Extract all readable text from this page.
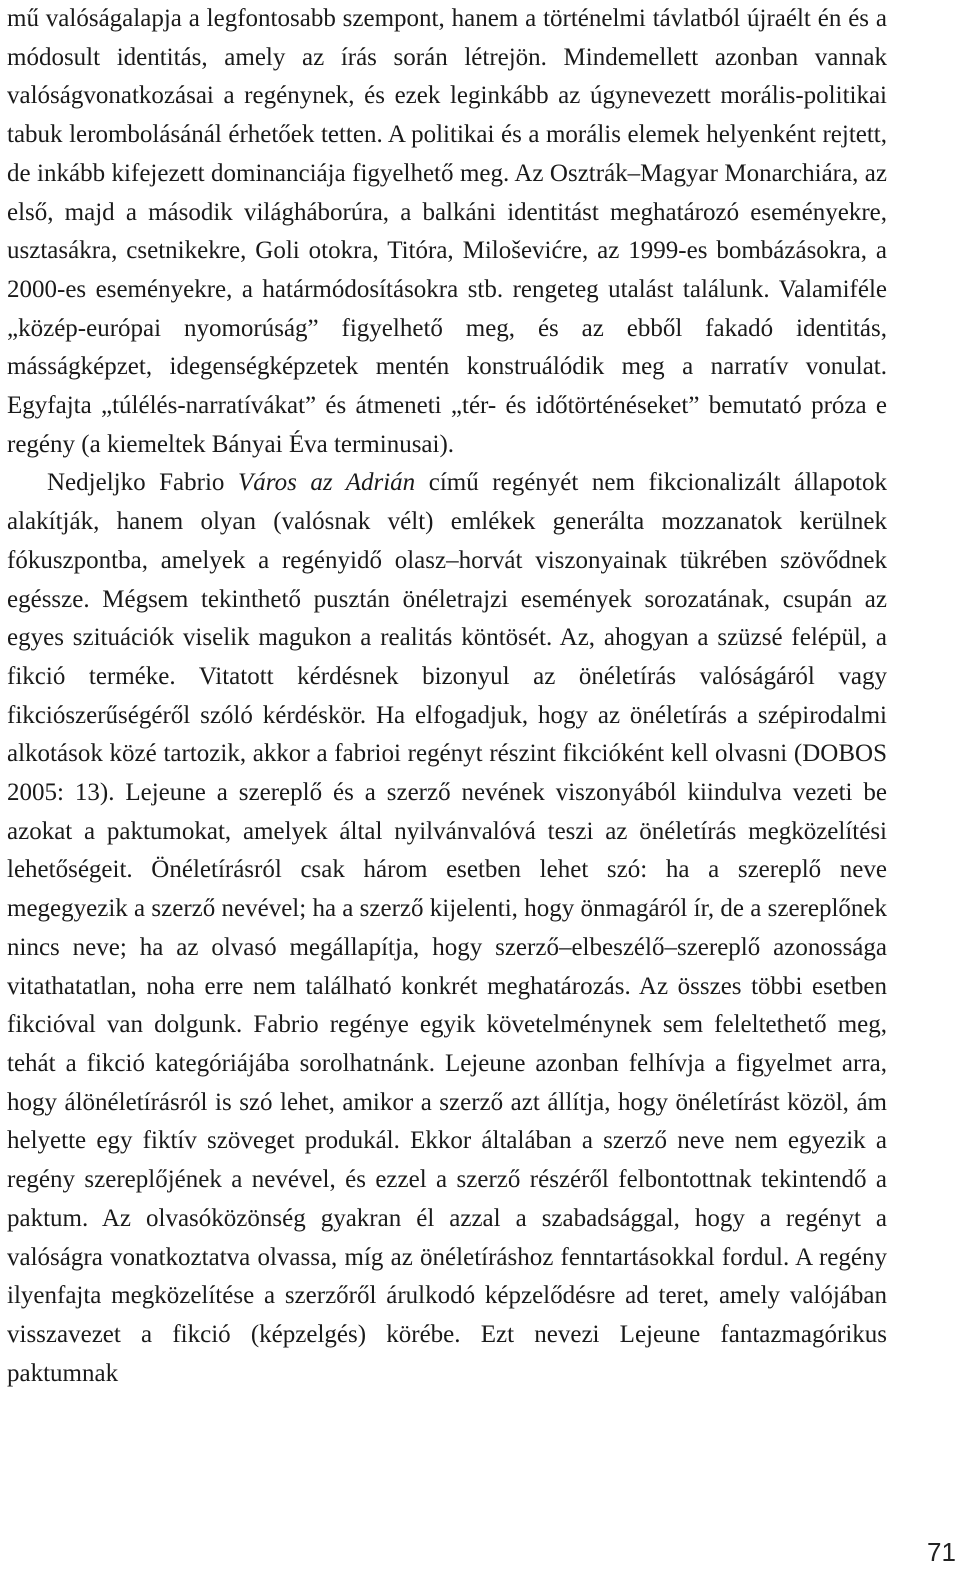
mű valóságalapja a legfontosabb szempont, hanem a történelmi távlatból újraélt én és a módosult identitás, amely az írás során létrejön. Mindemellett azonban vannak valóságvonatkozásai a regénynek, és ezek leginkább az úgynevezett morális-politikai tabuk lerombolásánál érhetőek tetten. A politikai és a morális elemek helyenként rejtett, de inkább kifejezett dominanciája figyelhető meg. Az Osztrák–Magyar Monarchiára, az első, majd a második világháborúra, a balkáni identitást meghatározó eseményekre, usztasákra, csetnikekre, Goli otokra, Titóra, Miloševićre, az 1999-es bombázásokra, a 2000-es eseményekre, a határmódosításokra stb. rengeteg utalást találunk. Valamiféle „közép-európai nyomorúság” figyelhető meg, és az ebből fakadó identitás, másságképzet, idegenségképzetek mentén konstruálódik meg a narratív vonulat. Egyfajta „túlélés-narratívákat” és átmeneti „tér- és időtörténéseket” bemutató próza e regény (a kiemeltek Bányai Éva terminusai).

Nedjeljko Fabrio Város az Adrián című regényét nem fikcionalizált állapotok alakítják, hanem olyan (valósnak vélt) emlékek generálta mozzanatok kerülnek fókuszpontba, amelyek a regényidő olasz–horvát viszonyainak tükrében szövődnek egéssze. Mégsem tekinthető pusztán önéletrajzi események sorozatának, csupán az egyes szituációk viselik magukon a realitás köntösét. Az, ahogyan a szüzsé felépül, a fikció terméke. Vitatott kérdésnek bizonyul az önéletírás valóságáról vagy fikciószerűségéről szóló kérdéskör. Ha elfogadjuk, hogy az önéletírás a szépirodalmi alkotások közé tartozik, akkor a fabrioi regényt részint fikcióként kell olvasni (DOBOS 2005: 13). Lejeune a szereplő és a szerző nevének viszonyából kiindulva vezeti be azokat a paktumokat, amelyek által nyilvánvalóvá teszi az önéletírás megközelítési lehetőségeit. Önéletírásról csak három esetben lehet szó: ha a szereplő neve megegyezik a szerző nevével; ha a szerző kijelenti, hogy önmagáról ír, de a szereplőnek nincs neve; ha az olvasó megállapítja, hogy szerző–elbeszélő–szereplő azonossága vitathatatlan, noha erre nem található konkrét meghatározás. Az összes többi esetben fikcióval van dolgunk. Fabrio regénye egyik követelménynek sem feleltethető meg, tehát a fikció kategóriájába sorolhatnánk. Lejeune azonban felhívja a figyelmet arra, hogy álönéletírásról is szó lehet, amikor a szerző azt állítja, hogy önéletírást közöl, ám helyette egy fiktív szöveget produkál. Ekkor általában a szerző neve nem egyezik a regény szereplőjének a nevével, és ezzel a szerző részéről felbontottnak tekintendő a paktum. Az olvasóközönség gyakran él azzal a szabadsággal, hogy a regényt a valóságra vonatkoztatva olvassa, míg az önéletíráshoz fenntartásokkal fordul. A regény ilyenfajta megközelítése a szerzőről árulkodó képzelődésre ad teret, amely valójában visszavezet a fikció (képzelgés) körébe. Ezt nevezi Lejeune fantazmagórikus paktumnak

71
